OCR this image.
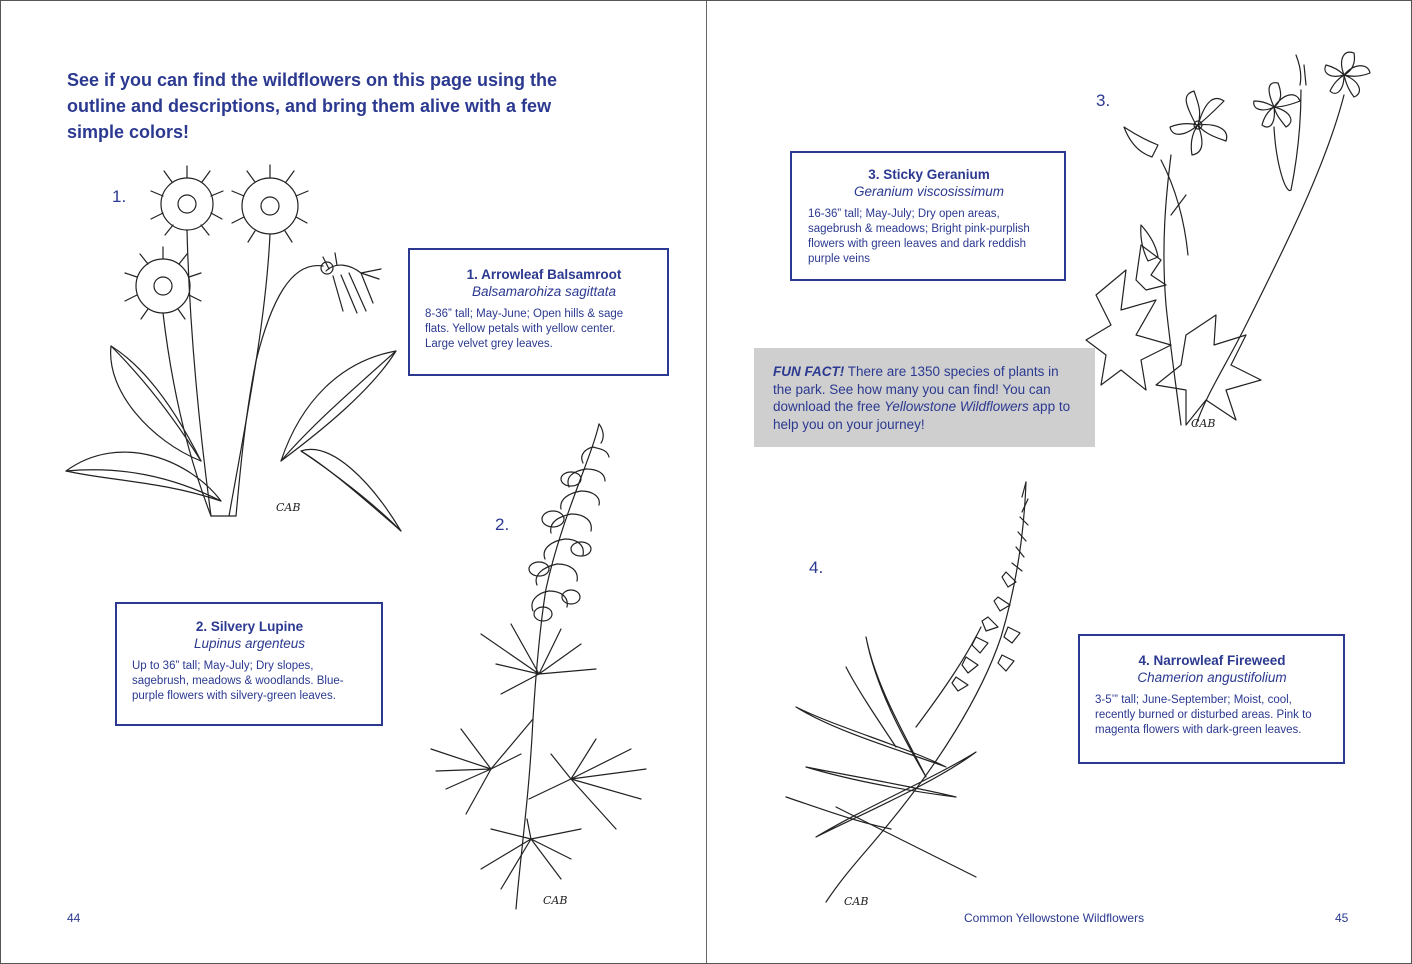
See if you can find the wildflowers on this page using the
outline and descriptions, and bring them alive with a few
simple colors!
1.
CAB
1. Arrowleaf Balsamroot
Balsamarohiza sagittata
8-36” tall; May-June; Open hills & sage
flats. Yellow petals with yellow center.
Large velvet grey leaves.
2.
CAB
2. Silvery Lupine
Lupinus argenteus
Up to 36” tall; May-July; Dry slopes,
sagebrush, meadows & woodlands. Blue-
purple flowers with silvery-green leaves.
44
3. Sticky Geranium
Geranium viscosissimum
16-36” tall; May-July; Dry open areas,
sagebrush & meadows; Bright pink-purplish
flowers with green leaves and dark reddish
purple veins
3.
CAB
FUN FACT! There are 1350 species of plants in the park. See how many you can find! You can download the free Yellowstone Wildflowers app to help you on your journey!
4.
CAB
4. Narrowleaf Fireweed
Chamerion angustifolium
3-5’” tall; June-September; Moist, cool,
recently burned or disturbed areas. Pink to
magenta flowers with dark-green leaves.
Common Yellowstone Wildflowers	45
